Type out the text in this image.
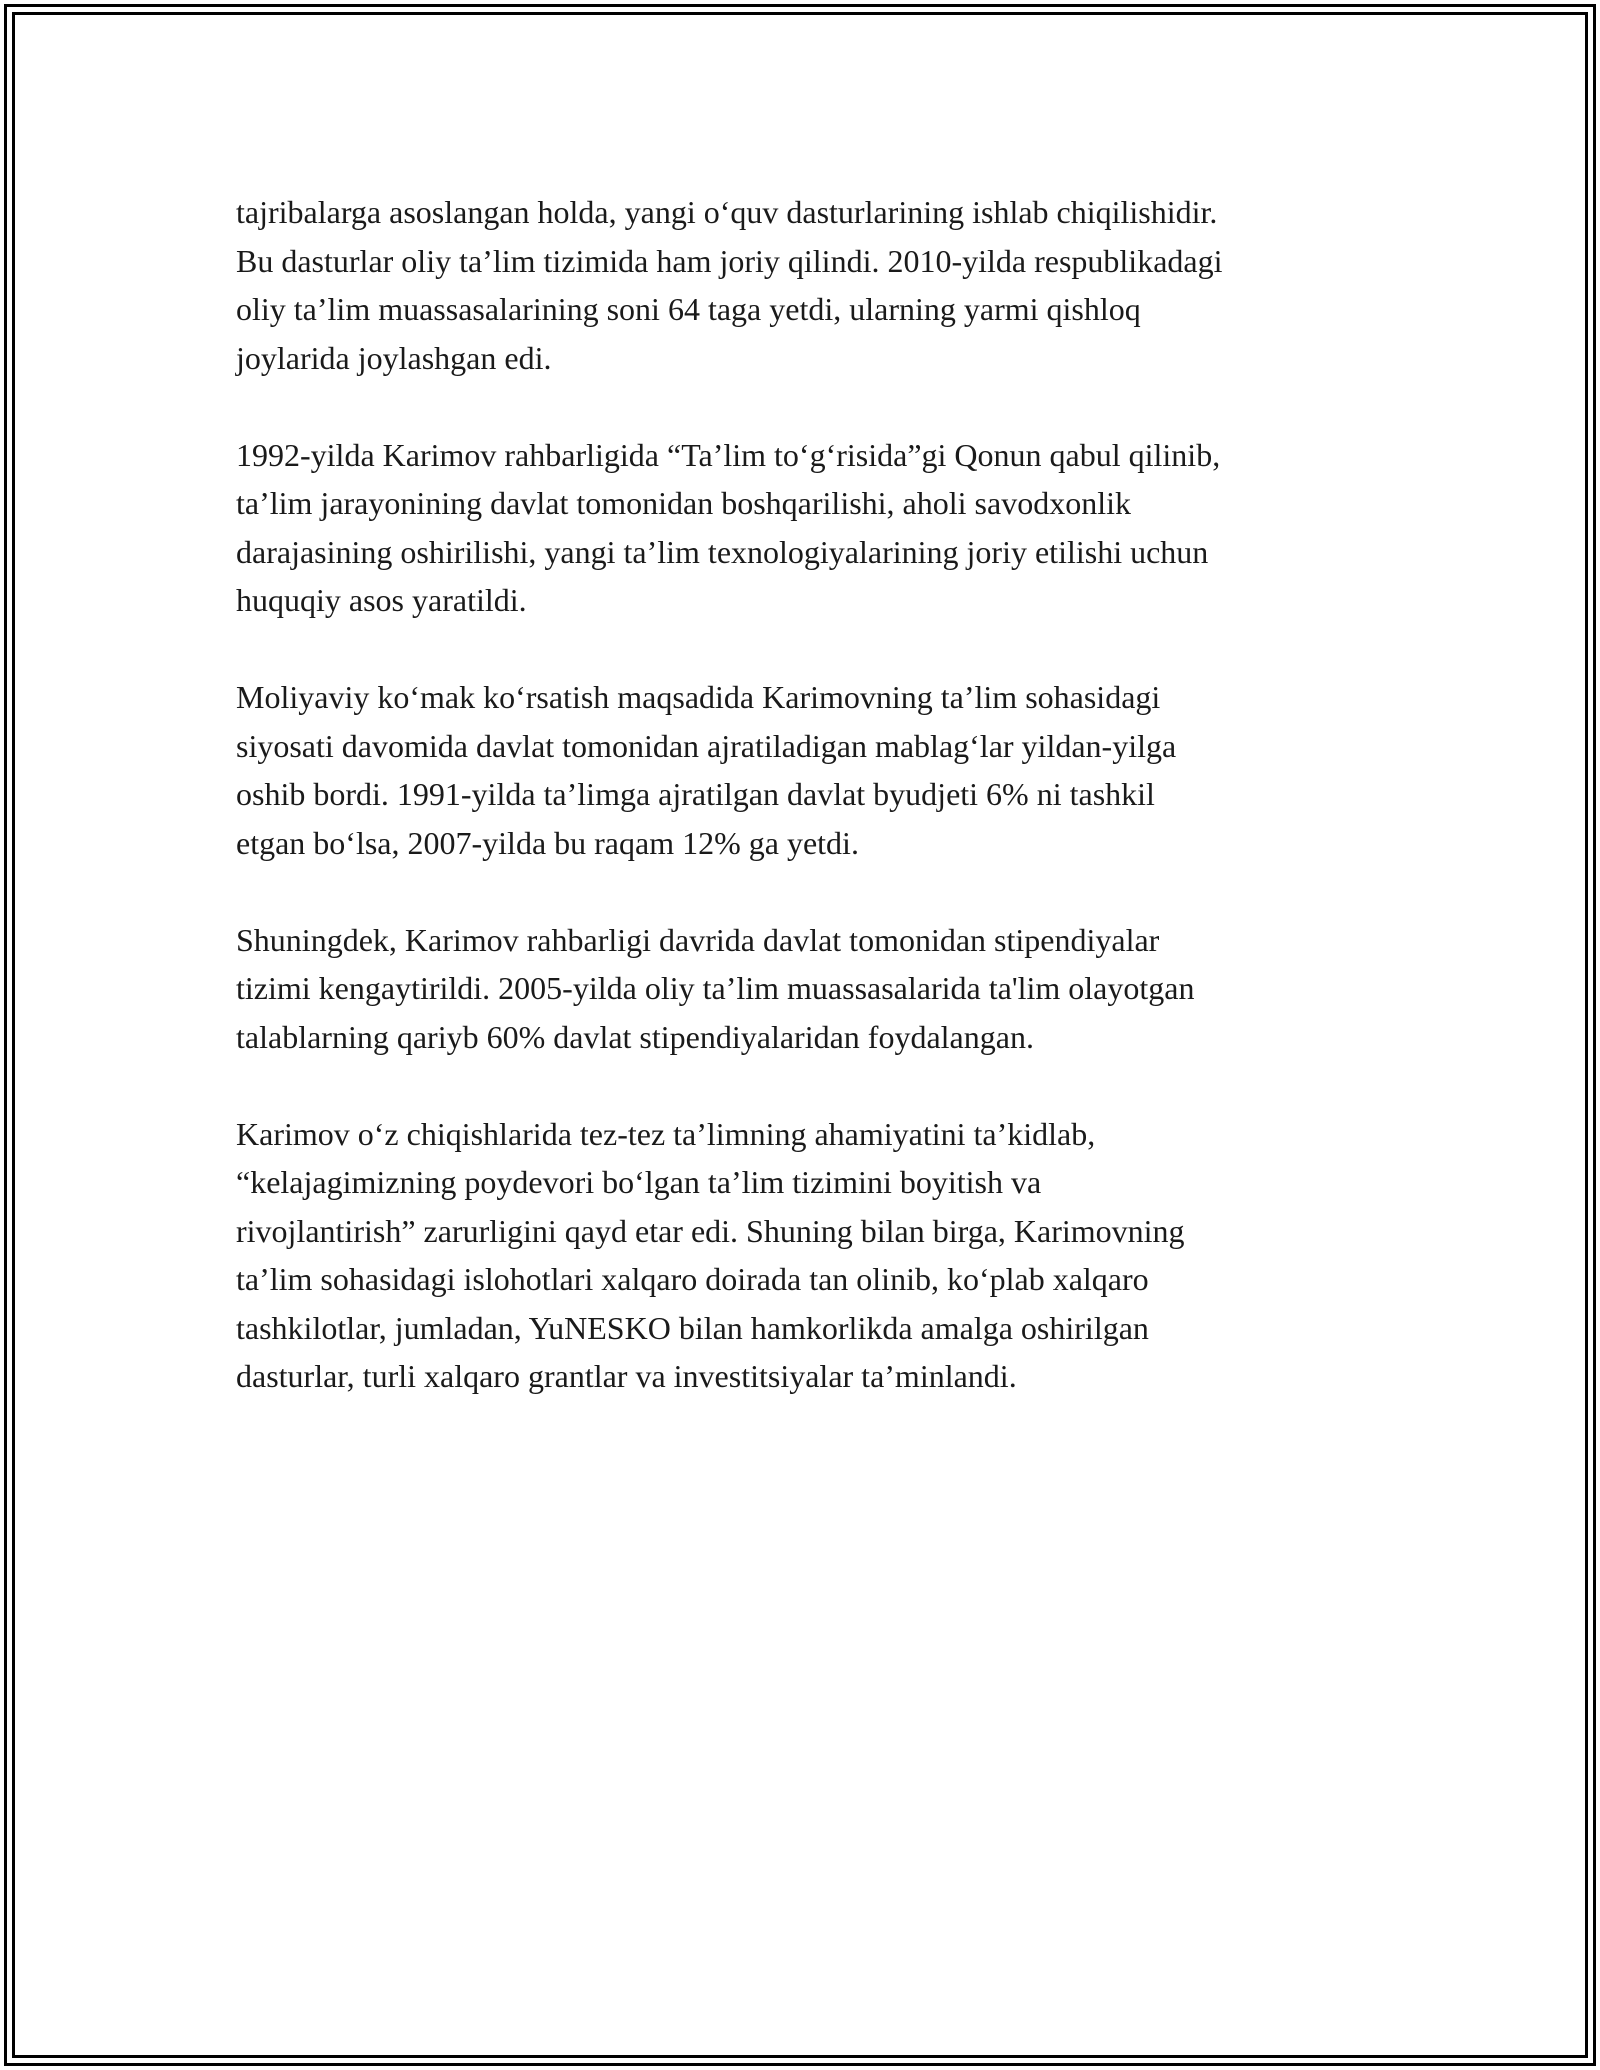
tajribalarga asoslangan holda, yangi o‘quv dasturlarining ishlab chiqilishidir.
Bu dasturlar oliy ta’lim tizimida ham joriy qilindi. 2010-yilda respublikadagi
oliy ta’lim muassasalarining soni 64 taga yetdi, ularning yarmi qishloq
joylarida joylashgan edi.

1992-yilda Karimov rahbarligida “Ta’lim to‘g‘risida”gi Qonun qabul qilinib,
ta’lim jarayonining davlat tomonidan boshqarilishi, aholi savodxonlik
darajasining oshirilishi, yangi ta’lim texnologiyalarining joriy etilishi uchun
huquqiy asos yaratildi.

Moliyaviy ko‘mak ko‘rsatish maqsadida Karimovning ta’lim sohasidagi
siyosati davomida davlat tomonidan ajratiladigan mablag‘lar yildan-yilga
oshib bordi. 1991-yilda ta’limga ajratilgan davlat byudjeti 6% ni tashkil
etgan bo‘lsa, 2007-yilda bu raqam 12% ga yetdi.

Shuningdek, Karimov rahbarligi davrida davlat tomonidan stipendiyalar
tizimi kengaytirildi. 2005-yilda oliy ta’lim muassasalarida ta'lim olayotgan
talablarning qariyb 60% davlat stipendiyalaridan foydalangan.

Karimov o‘z chiqishlarida tez-tez ta’limning ahamiyatini ta’kidlab,
“kelajagimizning poydevori bo‘lgan ta’lim tizimini boyitish va
rivojlantirish” zarurligini qayd etar edi. Shuning bilan birga, Karimovning
ta’lim sohasidagi islohotlari xalqaro doirada tan olinib, ko‘plab xalqaro
tashkilotlar, jumladan, YuNESKO bilan hamkorlikda amalga oshirilgan
dasturlar, turli xalqaro grantlar va investitsiyalar ta’minlandi.
